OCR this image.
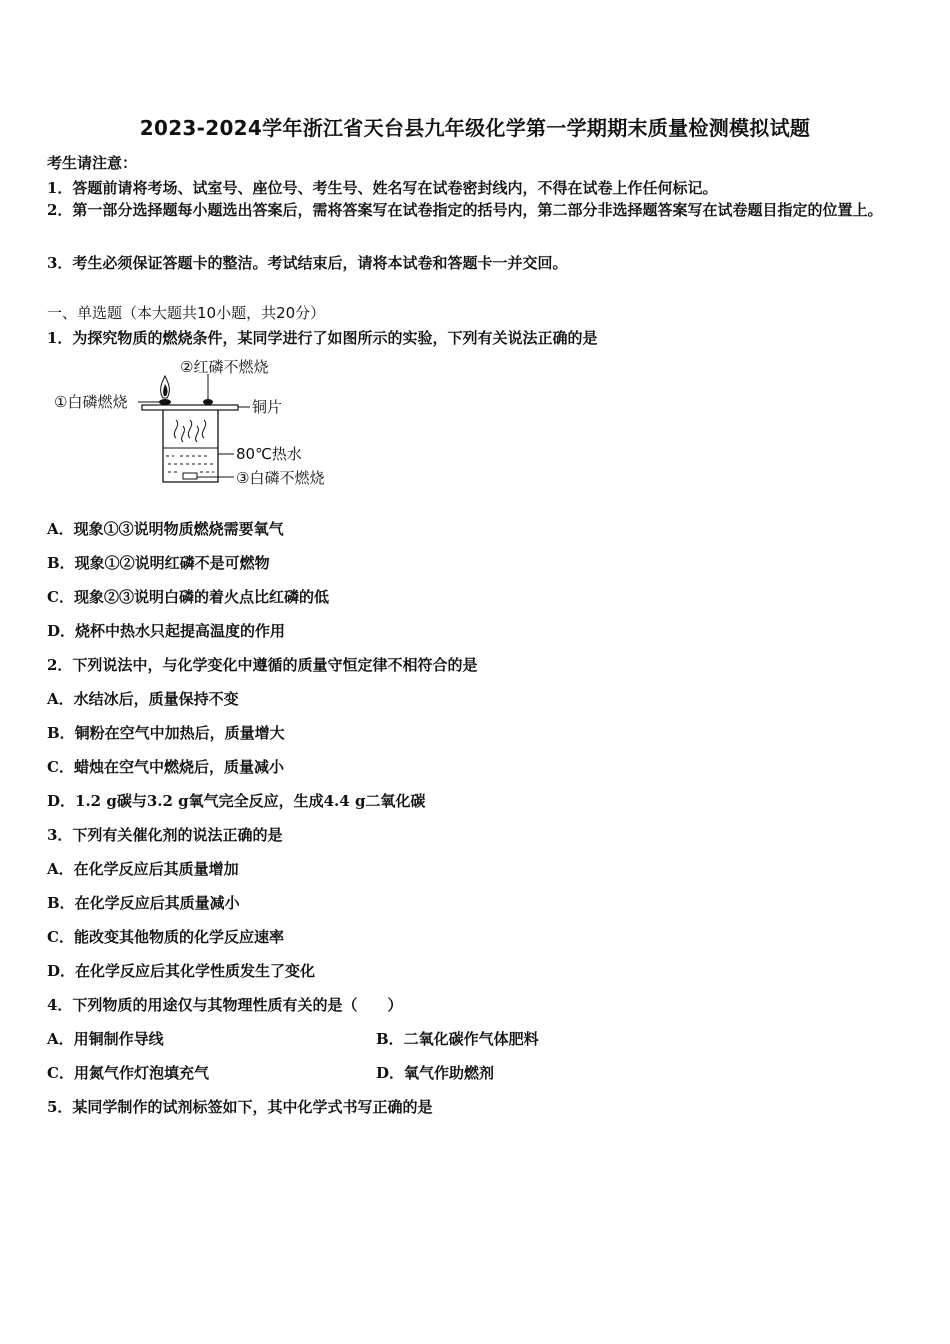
2023-2024学年浙江省天台县九年级化学第一学期期末质量检测模拟试题
考生请注意：
1．答题前请将考场、试室号、座位号、考生号、姓名写在试卷密封线内，不得在试卷上作任何标记。
2．第一部分选择题每小题选出答案后，需将答案写在试卷指定的括号内，第二部分非选择题答案写在试卷题目指定的位置上。
3．考生必须保证答题卡的整洁。考试结束后，请将本试卷和答题卡一并交回。
一、单选题（本大题共10小题，共20分）
1．为探究物质的燃烧条件，某同学进行了如图所示的实验，下列有关说法正确的是
②红磷不燃烧
①白磷燃烧	铜片
80℃热水
③白磷不燃烧
A．现象①③说明物质燃烧需要氧气
B．现象①②说明红磷不是可燃物
C．现象②③说明白磷的着火点比红磷的低
D．烧杯中热水只起提高温度的作用
2．下列说法中，与化学变化中遵循的质量守恒定律不相符合的是
A．水结冰后，质量保持不变
B．铜粉在空气中加热后，质量增大
C．蜡烛在空气中燃烧后，质量减小
D．1.2 g碳与3.2 g氧气完全反应，生成4.4 g二氧化碳
3．下列有关催化剂的说法正确的是
A．在化学反应后其质量增加
B．在化学反应后其质量减小
C．能改变其他物质的化学反应速率
D．在化学反应后其化学性质发生了变化
4．下列物质的用途仅与其物理性质有关的是（　　）
A．用铜制作导线	B．二氧化碳作气体肥料
C．用氮气作灯泡填充气	D．氧气作助燃剂
5．某同学制作的试剂标签如下，其中化学式书写正确的是
